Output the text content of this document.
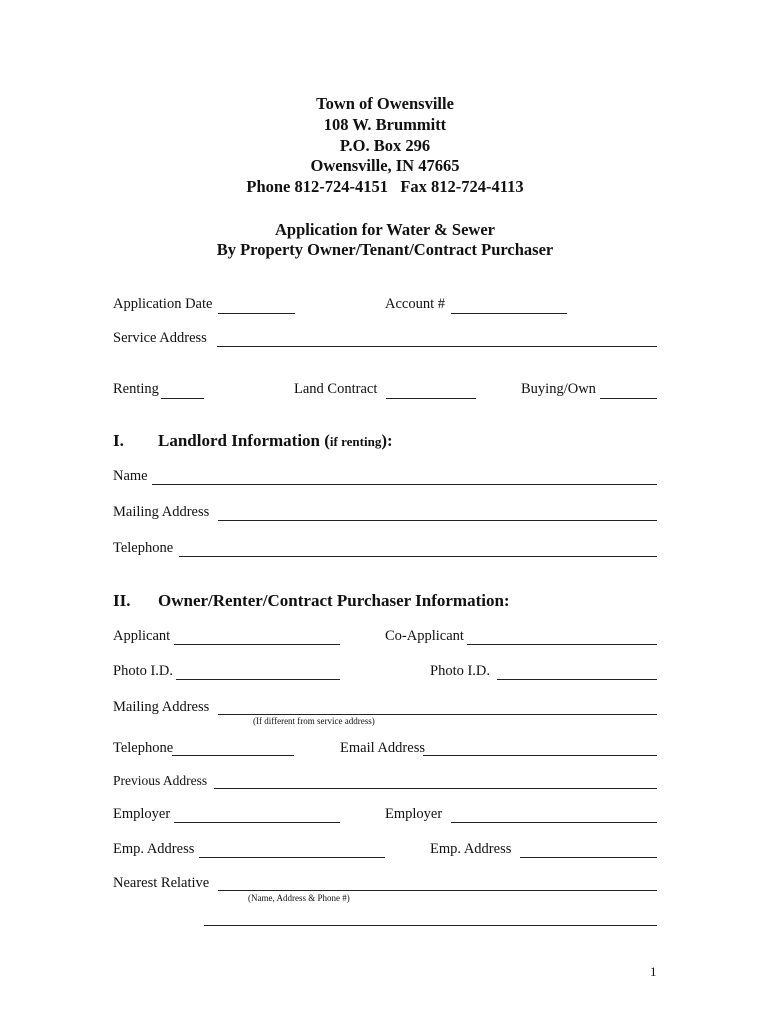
Town of Owensville
108 W. Brummitt
P.O. Box 296
Owensville, IN 47665
Phone 812-724-4151   Fax 812-724-4113
Application for Water & Sewer
By Property Owner/Tenant/Contract Purchaser
Application Date	Account #
Service Address
Renting	Land Contract	Buying/Own
I. Landlord Information (if renting):
Name
Mailing Address
Telephone
II. Owner/Renter/Contract Purchaser Information:
Applicant	Co-Applicant
Photo I.D.	Photo I.D.
Mailing Address
(If different from service address)
Telephone	Email Address
Previous Address
Employer	Employer
Emp. Address	Emp. Address
Nearest Relative
(Name, Address & Phone #)
1
